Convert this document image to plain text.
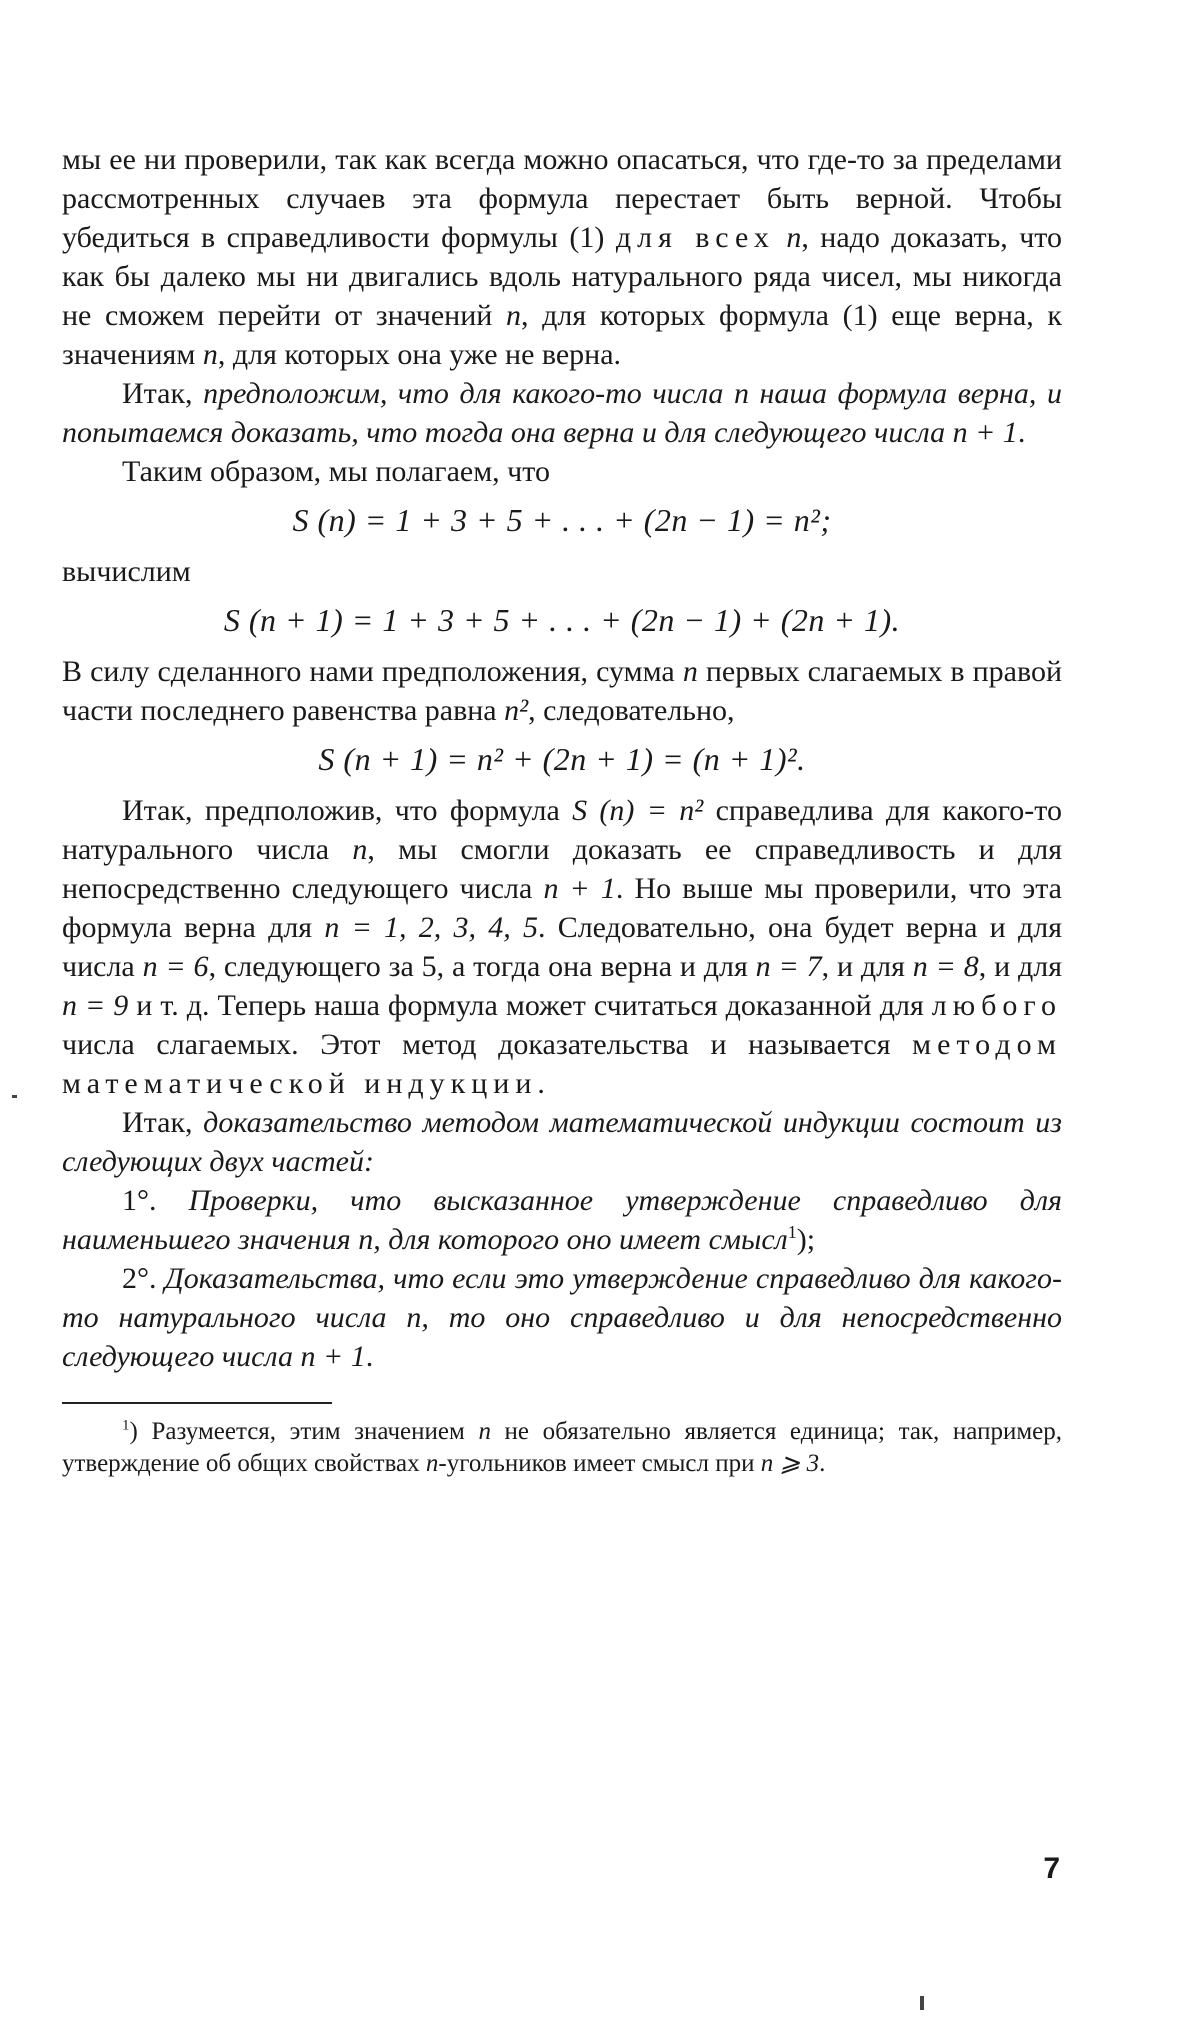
мы ее ни проверили, так как всегда можно опасаться, что где-то за пределами рассмотренных случаев эта формула перестает быть верной. Чтобы убедиться в справедливости формулы (1) для всех n, надо доказать, что как бы далеко мы ни двигались вдоль натурального ряда чисел, мы никогда не сможем перейти от значений n, для которых формула (1) еще верна, к значениям n, для которых она уже не верна.

Итак, предположим, что для какого-то числа n наша формула верна, и попытаемся доказать, что тогда она верна и для следующего числа n + 1.

Таким образом, мы полагаем, что

S (n) = 1 + 3 + 5 + . . . + (2n − 1) = n²;

вычислим

S (n + 1) = 1 + 3 + 5 + . . . + (2n − 1) + (2n + 1).

В силу сделанного нами предположения, сумма n первых слагаемых в правой части последнего равенства равна n², следовательно,

S (n + 1) = n² + (2n + 1) = (n + 1)².

Итак, предположив, что формула S (n) = n² справедлива для какого-то натурального числа n, мы смогли доказать ее справедливость и для непосредственно следующего числа n + 1. Но выше мы проверили, что эта формула верна для n = 1, 2, 3, 4, 5. Следовательно, она будет верна и для числа n = 6, следующего за 5, а тогда она верна и для n = 7, и для n = 8, и для n = 9 и т. д. Теперь наша формула может считаться доказанной для любого числа слагаемых. Этот метод доказательства и называется методом математической индукции.

Итак, доказательство методом математической индукции состоит из следующих двух частей:

1°. Проверки, что высказанное утверждение справедливо для наименьшего значения n, для которого оно имеет смысл$^1$);

2°. Доказательства, что если это утверждение справедливо для какого-то натурального числа n, то оно справедливо и для непосредственно следующего числа n + 1.

$^1$) Разумеется, этим значением n не обязательно является единица; так, например, утверждение об общих свойствах n-угольников имеет смысл при n ⩾ 3.

7
